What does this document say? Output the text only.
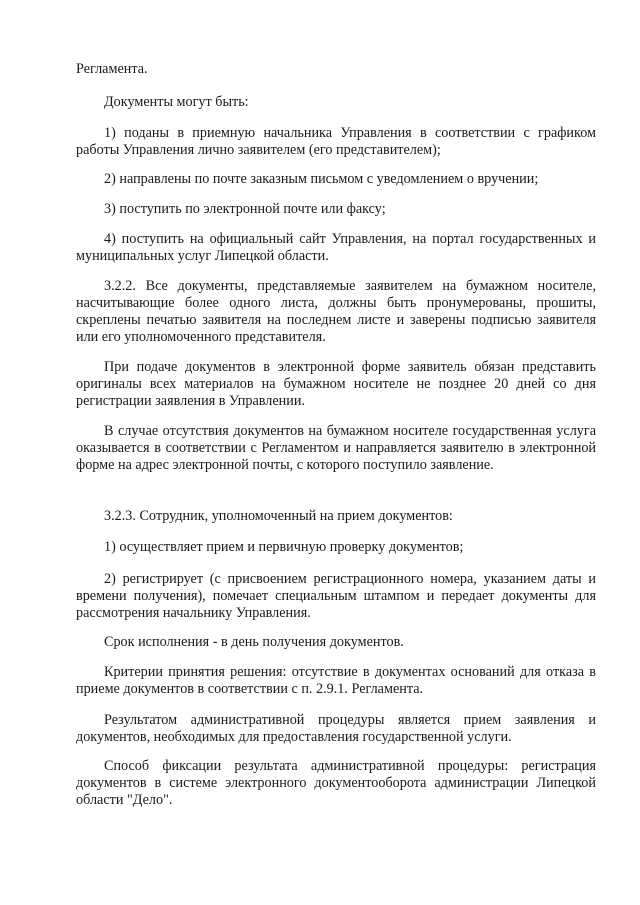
Регламента.

Документы могут быть:

1) поданы в приемную начальника Управления в соответствии с графиком работы Управления лично заявителем (его представителем);

2) направлены по почте заказным письмом с уведомлением о вручении;

3) поступить по электронной почте или факсу;

4) поступить на официальный сайт Управления, на портал государственных и муниципальных услуг Липецкой области.

3.2.2. Все документы, представляемые заявителем на бумажном носителе, насчитывающие более одного листа, должны быть пронумерованы, прошиты, скреплены печатью заявителя на последнем листе и заверены подписью заявителя или его уполномоченного представителя.

При подаче документов в электронной форме заявитель обязан представить оригиналы всех материалов на бумажном носителе не позднее 20 дней со дня регистрации заявления в Управлении.

В случае отсутствия документов на бумажном носителе государственная услуга оказывается в соответствии с Регламентом и направляется заявителю в электронной форме на адрес электронной почты, с которого поступило заявление.

3.2.3. Сотрудник, уполномоченный на прием документов:

1) осуществляет прием и первичную проверку документов;

2) регистрирует (с присвоением регистрационного номера, указанием даты и времени получения), помечает специальным штампом и передает документы для рассмотрения начальнику Управления.

Срок исполнения - в день получения документов.

Критерии принятия решения: отсутствие в документах оснований для отказа в приеме документов в соответствии с п. 2.9.1. Регламента.

Результатом административной процедуры является прием заявления и документов, необходимых для предоставления государственной услуги.

Способ фиксации результата административной процедуры: регистрация документов в системе электронного документооборота администрации Липецкой области "Дело".
